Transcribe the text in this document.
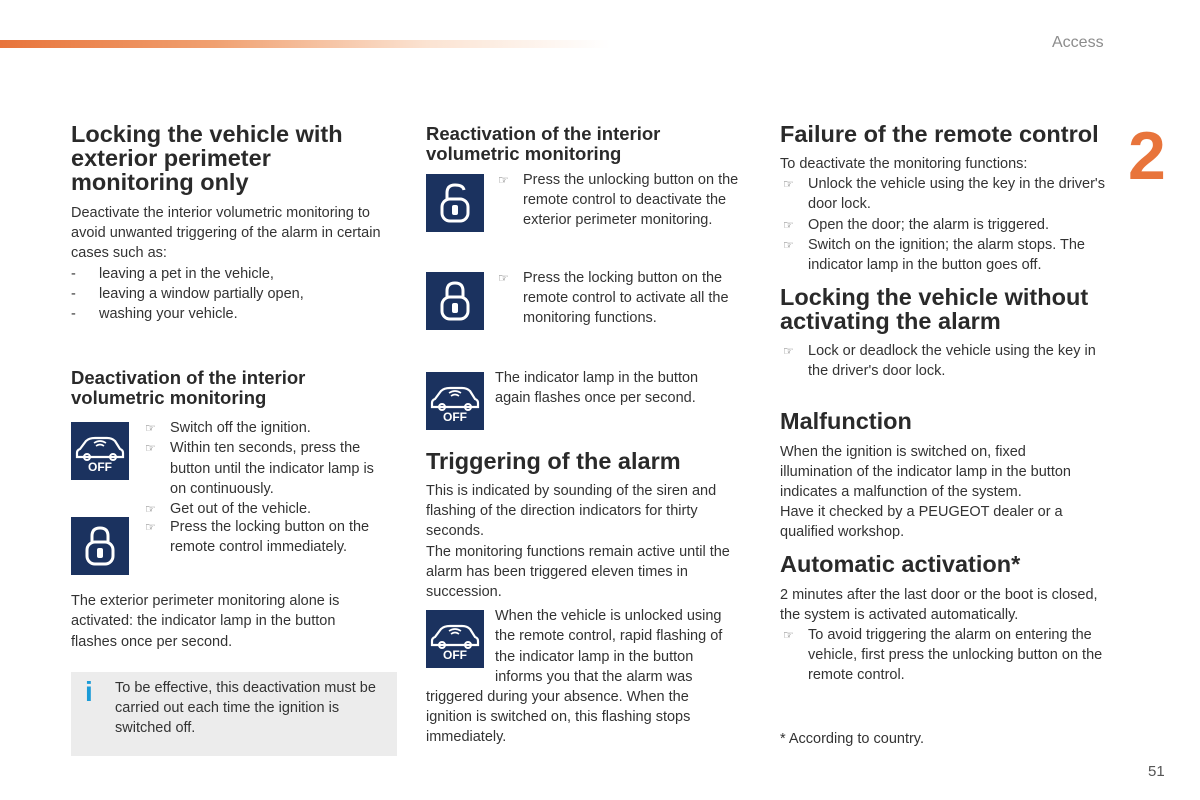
Access
2
51
Locking the vehicle with exterior perimeter monitoring only

Deactivate the interior volumetric monitoring to avoid unwanted triggering of the alarm in certain cases such as:

- leaving a pet in the vehicle,
- leaving a window partially open,
- washing your vehicle.
Deactivation of the interior volumetric monitoring
OFF
☞ Switch off the ignition.
☞ Within ten seconds, press the button until the indicator lamp is on continuously.
☞ Get out of the vehicle.
☞ Press the locking button on the remote control immediately.

The exterior perimeter monitoring alone is activated: the indicator lamp in the button flashes once per second.

i	To be effective, this deactivation must be carried out each time the ignition is switched off.

Reactivation of the interior volumetric monitoring
☞ Press the unlocking button on the remote control to deactivate the exterior perimeter monitoring.
☞ Press the locking button on the remote control to activate all the monitoring functions.
OFF

The indicator lamp in the button again flashes once per second.

Triggering of the alarm

This is indicated by sounding of the siren and flashing of the direction indicators for thirty seconds.

The monitoring functions remain active until the alarm has been triggered eleven times in succession.

OFF

When the vehicle is unlocked using the remote control, rapid flashing of the indicator lamp in the button informs you that the alarm was

triggered during your absence. When the ignition is switched on, this flashing stops immediately.

Failure of the remote control

To deactivate the monitoring functions:

☞ Unlock the vehicle using the key in the driver's door lock.
☞ Open the door; the alarm is triggered.
☞ Switch on the ignition; the alarm stops. The indicator lamp in the button goes off.
Locking the vehicle without activating the alarm
☞ Lock or deadlock the vehicle using the key in the driver's door lock.
Malfunction

When the ignition is switched on, fixed illumination of the indicator lamp in the button indicates a malfunction of the system.

Have it checked by a PEUGEOT dealer or a qualified workshop.

Automatic activation*

2 minutes after the last door or the boot is closed, the system is activated automatically.

☞ To avoid triggering the alarm on entering the vehicle, first press the unlocking button on the remote control.

* According to country.
